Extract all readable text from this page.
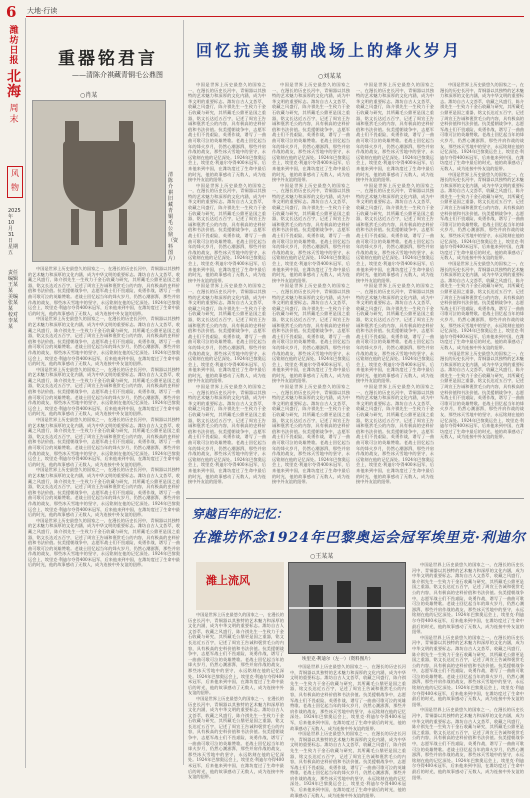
6	大地·行读
潍
坊
日
报
北
海
周
末
风
物
2025年10月31日 星期五
责任编辑 王某某 美编 张某某 校对 李某某
重器铭君言
——清陈介祺藏青铜毛公鼎图
○肖某
清陈介祺旧藏青铜毛公鼎（资料图片）

中国是世界上历史最悠久的国家之一，在漫长的历史长河中，青铜器以其独特的艺术魅力和深厚的文化内涵，成为中华文明的重要标志。潍坊自古人文荟萃，收藏之风盛行，陈介祺先生一生致力于金石收藏与研究，其所藏毛公鼎更是国之重器，铭文长达近五百字，记述了周宣王告诫和褒赏毛公的内容，具有极高的史料价值和书法价值。抗美援朝战争中，志愿军战士们不畏艰险，英勇作战，谱写了一曲曲可歌可泣的英雄赞歌。老战士回忆起当年的烽火岁月，仍然心潮澎湃，那些并肩作战的战友，那些冰天雪地中的坚守，永远铭刻在他的记忆深处。1924年巴黎奥运会上，埃里克·利迪尔夺得400米冠军，后来他来到中国，在潍坊度过了生命中最后的时光，他的故事感动了无数人，成为连接中外友谊的纽带。

中国是世界上历史最悠久的国家之一，在漫长的历史长河中，青铜器以其独特的艺术魅力和深厚的文化内涵，成为中华文明的重要标志。潍坊自古人文荟萃，收藏之风盛行，陈介祺先生一生致力于金石收藏与研究，其所藏毛公鼎更是国之重器，铭文长达近五百字，记述了周宣王告诫和褒赏毛公的内容，具有极高的史料价值和书法价值。抗美援朝战争中，志愿军战士们不畏艰险，英勇作战，谱写了一曲曲可歌可泣的英雄赞歌。老战士回忆起当年的烽火岁月，仍然心潮澎湃，那些并肩作战的战友，那些冰天雪地中的坚守，永远铭刻在他的记忆深处。1924年巴黎奥运会上，埃里克·利迪尔夺得400米冠军，后来他来到中国，在潍坊度过了生命中最后的时光，他的故事感动了无数人，成为连接中外友谊的纽带。

中国是世界上历史最悠久的国家之一，在漫长的历史长河中，青铜器以其独特的艺术魅力和深厚的文化内涵，成为中华文明的重要标志。潍坊自古人文荟萃，收藏之风盛行，陈介祺先生一生致力于金石收藏与研究，其所藏毛公鼎更是国之重器，铭文长达近五百字，记述了周宣王告诫和褒赏毛公的内容，具有极高的史料价值和书法价值。抗美援朝战争中，志愿军战士们不畏艰险，英勇作战，谱写了一曲曲可歌可泣的英雄赞歌。老战士回忆起当年的烽火岁月，仍然心潮澎湃，那些并肩作战的战友，那些冰天雪地中的坚守，永远铭刻在他的记忆深处。1924年巴黎奥运会上，埃里克·利迪尔夺得400米冠军，后来他来到中国，在潍坊度过了生命中最后的时光，他的故事感动了无数人，成为连接中外友谊的纽带。

中国是世界上历史最悠久的国家之一，在漫长的历史长河中，青铜器以其独特的艺术魅力和深厚的文化内涵，成为中华文明的重要标志。潍坊自古人文荟萃，收藏之风盛行，陈介祺先生一生致力于金石收藏与研究，其所藏毛公鼎更是国之重器，铭文长达近五百字，记述了周宣王告诫和褒赏毛公的内容，具有极高的史料价值和书法价值。抗美援朝战争中，志愿军战士们不畏艰险，英勇作战，谱写了一曲曲可歌可泣的英雄赞歌。老战士回忆起当年的烽火岁月，仍然心潮澎湃，那些并肩作战的战友，那些冰天雪地中的坚守，永远铭刻在他的记忆深处。1924年巴黎奥运会上，埃里克·利迪尔夺得400米冠军，后来他来到中国，在潍坊度过了生命中最后的时光，他的故事感动了无数人，成为连接中外友谊的纽带。

中国是世界上历史最悠久的国家之一，在漫长的历史长河中，青铜器以其独特的艺术魅力和深厚的文化内涵，成为中华文明的重要标志。潍坊自古人文荟萃，收藏之风盛行，陈介祺先生一生致力于金石收藏与研究，其所藏毛公鼎更是国之重器，铭文长达近五百字，记述了周宣王告诫和褒赏毛公的内容，具有极高的史料价值和书法价值。抗美援朝战争中，志愿军战士们不畏艰险，英勇作战，谱写了一曲曲可歌可泣的英雄赞歌。老战士回忆起当年的烽火岁月，仍然心潮澎湃，那些并肩作战的战友，那些冰天雪地中的坚守，永远铭刻在他的记忆深处。1924年巴黎奥运会上，埃里克·利迪尔夺得400米冠军，后来他来到中国，在潍坊度过了生命中最后的时光，他的故事感动了无数人，成为连接中外友谊的纽带。

中国是世界上历史最悠久的国家之一，在漫长的历史长河中，青铜器以其独特的艺术魅力和深厚的文化内涵，成为中华文明的重要标志。潍坊自古人文荟萃，收藏之风盛行，陈介祺先生一生致力于金石收藏与研究，其所藏毛公鼎更是国之重器，铭文长达近五百字，记述了周宣王告诫和褒赏毛公的内容，具有极高的史料价值和书法价值。抗美援朝战争中，志愿军战士们不畏艰险，英勇作战，谱写了一曲曲可歌可泣的英雄赞歌。老战士回忆起当年的烽火岁月，仍然心潮澎湃，那些并肩作战的战友，那些冰天雪地中的坚守，永远铭刻在他的记忆深处。1924年巴黎奥运会上，埃里克·利迪尔夺得400米冠军，后来他来到中国，在潍坊度过了生命中最后的时光，他的故事感动了无数人，成为连接中外友谊的纽带。

回忆抗美援朝战场上的烽火岁月
○刘某某

中国是世界上历史最悠久的国家之一，在漫长的历史长河中，青铜器以其独特的艺术魅力和深厚的文化内涵，成为中华文明的重要标志。潍坊自古人文荟萃，收藏之风盛行，陈介祺先生一生致力于金石收藏与研究，其所藏毛公鼎更是国之重器，铭文长达近五百字，记述了周宣王告诫和褒赏毛公的内容，具有极高的史料价值和书法价值。抗美援朝战争中，志愿军战士们不畏艰险，英勇作战，谱写了一曲曲可歌可泣的英雄赞歌。老战士回忆起当年的烽火岁月，仍然心潮澎湃，那些并肩作战的战友，那些冰天雪地中的坚守，永远铭刻在他的记忆深处。1924年巴黎奥运会上，埃里克·利迪尔夺得400米冠军，后来他来到中国，在潍坊度过了生命中最后的时光，他的故事感动了无数人，成为连接中外友谊的纽带。

中国是世界上历史最悠久的国家之一，在漫长的历史长河中，青铜器以其独特的艺术魅力和深厚的文化内涵，成为中华文明的重要标志。潍坊自古人文荟萃，收藏之风盛行，陈介祺先生一生致力于金石收藏与研究，其所藏毛公鼎更是国之重器，铭文长达近五百字，记述了周宣王告诫和褒赏毛公的内容，具有极高的史料价值和书法价值。抗美援朝战争中，志愿军战士们不畏艰险，英勇作战，谱写了一曲曲可歌可泣的英雄赞歌。老战士回忆起当年的烽火岁月，仍然心潮澎湃，那些并肩作战的战友，那些冰天雪地中的坚守，永远铭刻在他的记忆深处。1924年巴黎奥运会上，埃里克·利迪尔夺得400米冠军，后来他来到中国，在潍坊度过了生命中最后的时光，他的故事感动了无数人，成为连接中外友谊的纽带。

中国是世界上历史最悠久的国家之一，在漫长的历史长河中，青铜器以其独特的艺术魅力和深厚的文化内涵，成为中华文明的重要标志。潍坊自古人文荟萃，收藏之风盛行，陈介祺先生一生致力于金石收藏与研究，其所藏毛公鼎更是国之重器，铭文长达近五百字，记述了周宣王告诫和褒赏毛公的内容，具有极高的史料价值和书法价值。抗美援朝战争中，志愿军战士们不畏艰险，英勇作战，谱写了一曲曲可歌可泣的英雄赞歌。老战士回忆起当年的烽火岁月，仍然心潮澎湃，那些并肩作战的战友，那些冰天雪地中的坚守，永远铭刻在他的记忆深处。1924年巴黎奥运会上，埃里克·利迪尔夺得400米冠军，后来他来到中国，在潍坊度过了生命中最后的时光，他的故事感动了无数人，成为连接中外友谊的纽带。

中国是世界上历史最悠久的国家之一，在漫长的历史长河中，青铜器以其独特的艺术魅力和深厚的文化内涵，成为中华文明的重要标志。潍坊自古人文荟萃，收藏之风盛行，陈介祺先生一生致力于金石收藏与研究，其所藏毛公鼎更是国之重器，铭文长达近五百字，记述了周宣王告诫和褒赏毛公的内容，具有极高的史料价值和书法价值。抗美援朝战争中，志愿军战士们不畏艰险，英勇作战，谱写了一曲曲可歌可泣的英雄赞歌。老战士回忆起当年的烽火岁月，仍然心潮澎湃，那些并肩作战的战友，那些冰天雪地中的坚守，永远铭刻在他的记忆深处。1924年巴黎奥运会上，埃里克·利迪尔夺得400米冠军，后来他来到中国，在潍坊度过了生命中最后的时光，他的故事感动了无数人，成为连接中外友谊的纽带。

中国是世界上历史最悠久的国家之一，在漫长的历史长河中，青铜器以其独特的艺术魅力和深厚的文化内涵，成为中华文明的重要标志。潍坊自古人文荟萃，收藏之风盛行，陈介祺先生一生致力于金石收藏与研究，其所藏毛公鼎更是国之重器，铭文长达近五百字，记述了周宣王告诫和褒赏毛公的内容，具有极高的史料价值和书法价值。抗美援朝战争中，志愿军战士们不畏艰险，英勇作战，谱写了一曲曲可歌可泣的英雄赞歌。老战士回忆起当年的烽火岁月，仍然心潮澎湃，那些并肩作战的战友，那些冰天雪地中的坚守，永远铭刻在他的记忆深处。1924年巴黎奥运会上，埃里克·利迪尔夺得400米冠军，后来他来到中国，在潍坊度过了生命中最后的时光，他的故事感动了无数人，成为连接中外友谊的纽带。

中国是世界上历史最悠久的国家之一，在漫长的历史长河中，青铜器以其独特的艺术魅力和深厚的文化内涵，成为中华文明的重要标志。潍坊自古人文荟萃，收藏之风盛行，陈介祺先生一生致力于金石收藏与研究，其所藏毛公鼎更是国之重器，铭文长达近五百字，记述了周宣王告诫和褒赏毛公的内容，具有极高的史料价值和书法价值。抗美援朝战争中，志愿军战士们不畏艰险，英勇作战，谱写了一曲曲可歌可泣的英雄赞歌。老战士回忆起当年的烽火岁月，仍然心潮澎湃，那些并肩作战的战友，那些冰天雪地中的坚守，永远铭刻在他的记忆深处。1924年巴黎奥运会上，埃里克·利迪尔夺得400米冠军，后来他来到中国，在潍坊度过了生命中最后的时光，他的故事感动了无数人，成为连接中外友谊的纽带。

中国是世界上历史最悠久的国家之一，在漫长的历史长河中，青铜器以其独特的艺术魅力和深厚的文化内涵，成为中华文明的重要标志。潍坊自古人文荟萃，收藏之风盛行，陈介祺先生一生致力于金石收藏与研究，其所藏毛公鼎更是国之重器，铭文长达近五百字，记述了周宣王告诫和褒赏毛公的内容，具有极高的史料价值和书法价值。抗美援朝战争中，志愿军战士们不畏艰险，英勇作战，谱写了一曲曲可歌可泣的英雄赞歌。老战士回忆起当年的烽火岁月，仍然心潮澎湃，那些并肩作战的战友，那些冰天雪地中的坚守，永远铭刻在他的记忆深处。1924年巴黎奥运会上，埃里克·利迪尔夺得400米冠军，后来他来到中国，在潍坊度过了生命中最后的时光，他的故事感动了无数人，成为连接中外友谊的纽带。

中国是世界上历史最悠久的国家之一，在漫长的历史长河中，青铜器以其独特的艺术魅力和深厚的文化内涵，成为中华文明的重要标志。潍坊自古人文荟萃，收藏之风盛行，陈介祺先生一生致力于金石收藏与研究，其所藏毛公鼎更是国之重器，铭文长达近五百字，记述了周宣王告诫和褒赏毛公的内容，具有极高的史料价值和书法价值。抗美援朝战争中，志愿军战士们不畏艰险，英勇作战，谱写了一曲曲可歌可泣的英雄赞歌。老战士回忆起当年的烽火岁月，仍然心潮澎湃，那些并肩作战的战友，那些冰天雪地中的坚守，永远铭刻在他的记忆深处。1924年巴黎奥运会上，埃里克·利迪尔夺得400米冠军，后来他来到中国，在潍坊度过了生命中最后的时光，他的故事感动了无数人，成为连接中外友谊的纽带。

中国是世界上历史最悠久的国家之一，在漫长的历史长河中，青铜器以其独特的艺术魅力和深厚的文化内涵，成为中华文明的重要标志。潍坊自古人文荟萃，收藏之风盛行，陈介祺先生一生致力于金石收藏与研究，其所藏毛公鼎更是国之重器，铭文长达近五百字，记述了周宣王告诫和褒赏毛公的内容，具有极高的史料价值和书法价值。抗美援朝战争中，志愿军战士们不畏艰险，英勇作战，谱写了一曲曲可歌可泣的英雄赞歌。老战士回忆起当年的烽火岁月，仍然心潮澎湃，那些并肩作战的战友，那些冰天雪地中的坚守，永远铭刻在他的记忆深处。1924年巴黎奥运会上，埃里克·利迪尔夺得400米冠军，后来他来到中国，在潍坊度过了生命中最后的时光，他的故事感动了无数人，成为连接中外友谊的纽带。

中国是世界上历史最悠久的国家之一，在漫长的历史长河中，青铜器以其独特的艺术魅力和深厚的文化内涵，成为中华文明的重要标志。潍坊自古人文荟萃，收藏之风盛行，陈介祺先生一生致力于金石收藏与研究，其所藏毛公鼎更是国之重器，铭文长达近五百字，记述了周宣王告诫和褒赏毛公的内容，具有极高的史料价值和书法价值。抗美援朝战争中，志愿军战士们不畏艰险，英勇作战，谱写了一曲曲可歌可泣的英雄赞歌。老战士回忆起当年的烽火岁月，仍然心潮澎湃，那些并肩作战的战友，那些冰天雪地中的坚守，永远铭刻在他的记忆深处。1924年巴黎奥运会上，埃里克·利迪尔夺得400米冠军，后来他来到中国，在潍坊度过了生命中最后的时光，他的故事感动了无数人，成为连接中外友谊的纽带。

中国是世界上历史最悠久的国家之一，在漫长的历史长河中，青铜器以其独特的艺术魅力和深厚的文化内涵，成为中华文明的重要标志。潍坊自古人文荟萃，收藏之风盛行，陈介祺先生一生致力于金石收藏与研究，其所藏毛公鼎更是国之重器，铭文长达近五百字，记述了周宣王告诫和褒赏毛公的内容，具有极高的史料价值和书法价值。抗美援朝战争中，志愿军战士们不畏艰险，英勇作战，谱写了一曲曲可歌可泣的英雄赞歌。老战士回忆起当年的烽火岁月，仍然心潮澎湃，那些并肩作战的战友，那些冰天雪地中的坚守，永远铭刻在他的记忆深处。1924年巴黎奥运会上，埃里克·利迪尔夺得400米冠军，后来他来到中国，在潍坊度过了生命中最后的时光，他的故事感动了无数人，成为连接中外友谊的纽带。

中国是世界上历史最悠久的国家之一，在漫长的历史长河中，青铜器以其独特的艺术魅力和深厚的文化内涵，成为中华文明的重要标志。潍坊自古人文荟萃，收藏之风盛行，陈介祺先生一生致力于金石收藏与研究，其所藏毛公鼎更是国之重器，铭文长达近五百字，记述了周宣王告诫和褒赏毛公的内容，具有极高的史料价值和书法价值。抗美援朝战争中，志愿军战士们不畏艰险，英勇作战，谱写了一曲曲可歌可泣的英雄赞歌。老战士回忆起当年的烽火岁月，仍然心潮澎湃，那些并肩作战的战友，那些冰天雪地中的坚守，永远铭刻在他的记忆深处。1924年巴黎奥运会上，埃里克·利迪尔夺得400米冠军，后来他来到中国，在潍坊度过了生命中最后的时光，他的故事感动了无数人，成为连接中外友谊的纽带。

中国是世界上历史最悠久的国家之一，在漫长的历史长河中，青铜器以其独特的艺术魅力和深厚的文化内涵，成为中华文明的重要标志。潍坊自古人文荟萃，收藏之风盛行，陈介祺先生一生致力于金石收藏与研究，其所藏毛公鼎更是国之重器，铭文长达近五百字，记述了周宣王告诫和褒赏毛公的内容，具有极高的史料价值和书法价值。抗美援朝战争中，志愿军战士们不畏艰险，英勇作战，谱写了一曲曲可歌可泣的英雄赞歌。老战士回忆起当年的烽火岁月，仍然心潮澎湃，那些并肩作战的战友，那些冰天雪地中的坚守，永远铭刻在他的记忆深处。1924年巴黎奥运会上，埃里克·利迪尔夺得400米冠军，后来他来到中国，在潍坊度过了生命中最后的时光，他的故事感动了无数人，成为连接中外友谊的纽带。

中国是世界上历史最悠久的国家之一，在漫长的历史长河中，青铜器以其独特的艺术魅力和深厚的文化内涵，成为中华文明的重要标志。潍坊自古人文荟萃，收藏之风盛行，陈介祺先生一生致力于金石收藏与研究，其所藏毛公鼎更是国之重器，铭文长达近五百字，记述了周宣王告诫和褒赏毛公的内容，具有极高的史料价值和书法价值。抗美援朝战争中，志愿军战士们不畏艰险，英勇作战，谱写了一曲曲可歌可泣的英雄赞歌。老战士回忆起当年的烽火岁月，仍然心潮澎湃，那些并肩作战的战友，那些冰天雪地中的坚守，永远铭刻在他的记忆深处。1924年巴黎奥运会上，埃里克·利迪尔夺得400米冠军，后来他来到中国，在潍坊度过了生命中最后的时光，他的故事感动了无数人，成为连接中外友谊的纽带。

中国是世界上历史最悠久的国家之一，在漫长的历史长河中，青铜器以其独特的艺术魅力和深厚的文化内涵，成为中华文明的重要标志。潍坊自古人文荟萃，收藏之风盛行，陈介祺先生一生致力于金石收藏与研究，其所藏毛公鼎更是国之重器，铭文长达近五百字，记述了周宣王告诫和褒赏毛公的内容，具有极高的史料价值和书法价值。抗美援朝战争中，志愿军战士们不畏艰险，英勇作战，谱写了一曲曲可歌可泣的英雄赞歌。老战士回忆起当年的烽火岁月，仍然心潮澎湃，那些并肩作战的战友，那些冰天雪地中的坚守，永远铭刻在他的记忆深处。1924年巴黎奥运会上，埃里克·利迪尔夺得400米冠军，后来他来到中国，在潍坊度过了生命中最后的时光，他的故事感动了无数人，成为连接中外友谊的纽带。

中国是世界上历史最悠久的国家之一，在漫长的历史长河中，青铜器以其独特的艺术魅力和深厚的文化内涵，成为中华文明的重要标志。潍坊自古人文荟萃，收藏之风盛行，陈介祺先生一生致力于金石收藏与研究，其所藏毛公鼎更是国之重器，铭文长达近五百字，记述了周宣王告诫和褒赏毛公的内容，具有极高的史料价值和书法价值。抗美援朝战争中，志愿军战士们不畏艰险，英勇作战，谱写了一曲曲可歌可泣的英雄赞歌。老战士回忆起当年的烽火岁月，仍然心潮澎湃，那些并肩作战的战友，那些冰天雪地中的坚守，永远铭刻在他的记忆深处。1924年巴黎奥运会上，埃里克·利迪尔夺得400米冠军，后来他来到中国，在潍坊度过了生命中最后的时光，他的故事感动了无数人，成为连接中外友谊的纽带。

穿越百年的记忆：
在潍坊怀念1924年巴黎奥运会冠军埃里克·利迪尔
○王某某
潍上流风
埃里克·利迪尔（左一）（资料图片）

中国是世界上历史最悠久的国家之一，在漫长的历史长河中，青铜器以其独特的艺术魅力和深厚的文化内涵，成为中华文明的重要标志。潍坊自古人文荟萃，收藏之风盛行，陈介祺先生一生致力于金石收藏与研究，其所藏毛公鼎更是国之重器，铭文长达近五百字，记述了周宣王告诫和褒赏毛公的内容，具有极高的史料价值和书法价值。抗美援朝战争中，志愿军战士们不畏艰险，英勇作战，谱写了一曲曲可歌可泣的英雄赞歌。老战士回忆起当年的烽火岁月，仍然心潮澎湃，那些并肩作战的战友，那些冰天雪地中的坚守，永远铭刻在他的记忆深处。1924年巴黎奥运会上，埃里克·利迪尔夺得400米冠军，后来他来到中国，在潍坊度过了生命中最后的时光，他的故事感动了无数人，成为连接中外友谊的纽带。

中国是世界上历史最悠久的国家之一，在漫长的历史长河中，青铜器以其独特的艺术魅力和深厚的文化内涵，成为中华文明的重要标志。潍坊自古人文荟萃，收藏之风盛行，陈介祺先生一生致力于金石收藏与研究，其所藏毛公鼎更是国之重器，铭文长达近五百字，记述了周宣王告诫和褒赏毛公的内容，具有极高的史料价值和书法价值。抗美援朝战争中，志愿军战士们不畏艰险，英勇作战，谱写了一曲曲可歌可泣的英雄赞歌。老战士回忆起当年的烽火岁月，仍然心潮澎湃，那些并肩作战的战友，那些冰天雪地中的坚守，永远铭刻在他的记忆深处。1924年巴黎奥运会上，埃里克·利迪尔夺得400米冠军，后来他来到中国，在潍坊度过了生命中最后的时光，他的故事感动了无数人，成为连接中外友谊的纽带。

中国是世界上历史最悠久的国家之一，在漫长的历史长河中，青铜器以其独特的艺术魅力和深厚的文化内涵，成为中华文明的重要标志。潍坊自古人文荟萃，收藏之风盛行，陈介祺先生一生致力于金石收藏与研究，其所藏毛公鼎更是国之重器，铭文长达近五百字，记述了周宣王告诫和褒赏毛公的内容，具有极高的史料价值和书法价值。抗美援朝战争中，志愿军战士们不畏艰险，英勇作战，谱写了一曲曲可歌可泣的英雄赞歌。老战士回忆起当年的烽火岁月，仍然心潮澎湃，那些并肩作战的战友，那些冰天雪地中的坚守，永远铭刻在他的记忆深处。1924年巴黎奥运会上，埃里克·利迪尔夺得400米冠军，后来他来到中国，在潍坊度过了生命中最后的时光，他的故事感动了无数人，成为连接中外友谊的纽带。

中国是世界上历史最悠久的国家之一，在漫长的历史长河中，青铜器以其独特的艺术魅力和深厚的文化内涵，成为中华文明的重要标志。潍坊自古人文荟萃，收藏之风盛行，陈介祺先生一生致力于金石收藏与研究，其所藏毛公鼎更是国之重器，铭文长达近五百字，记述了周宣王告诫和褒赏毛公的内容，具有极高的史料价值和书法价值。抗美援朝战争中，志愿军战士们不畏艰险，英勇作战，谱写了一曲曲可歌可泣的英雄赞歌。老战士回忆起当年的烽火岁月，仍然心潮澎湃，那些并肩作战的战友，那些冰天雪地中的坚守，永远铭刻在他的记忆深处。1924年巴黎奥运会上，埃里克·利迪尔夺得400米冠军，后来他来到中国，在潍坊度过了生命中最后的时光，他的故事感动了无数人，成为连接中外友谊的纽带。

中国是世界上历史最悠久的国家之一，在漫长的历史长河中，青铜器以其独特的艺术魅力和深厚的文化内涵，成为中华文明的重要标志。潍坊自古人文荟萃，收藏之风盛行，陈介祺先生一生致力于金石收藏与研究，其所藏毛公鼎更是国之重器，铭文长达近五百字，记述了周宣王告诫和褒赏毛公的内容，具有极高的史料价值和书法价值。抗美援朝战争中，志愿军战士们不畏艰险，英勇作战，谱写了一曲曲可歌可泣的英雄赞歌。老战士回忆起当年的烽火岁月，仍然心潮澎湃，那些并肩作战的战友，那些冰天雪地中的坚守，永远铭刻在他的记忆深处。1924年巴黎奥运会上，埃里克·利迪尔夺得400米冠军，后来他来到中国，在潍坊度过了生命中最后的时光，他的故事感动了无数人，成为连接中外友谊的纽带。

中国是世界上历史最悠久的国家之一，在漫长的历史长河中，青铜器以其独特的艺术魅力和深厚的文化内涵，成为中华文明的重要标志。潍坊自古人文荟萃，收藏之风盛行，陈介祺先生一生致力于金石收藏与研究，其所藏毛公鼎更是国之重器，铭文长达近五百字，记述了周宣王告诫和褒赏毛公的内容，具有极高的史料价值和书法价值。抗美援朝战争中，志愿军战士们不畏艰险，英勇作战，谱写了一曲曲可歌可泣的英雄赞歌。老战士回忆起当年的烽火岁月，仍然心潮澎湃，那些并肩作战的战友，那些冰天雪地中的坚守，永远铭刻在他的记忆深处。1924年巴黎奥运会上，埃里克·利迪尔夺得400米冠军，后来他来到中国，在潍坊度过了生命中最后的时光，他的故事感动了无数人，成为连接中外友谊的纽带。

中国是世界上历史最悠久的国家之一，在漫长的历史长河中，青铜器以其独特的艺术魅力和深厚的文化内涵，成为中华文明的重要标志。潍坊自古人文荟萃，收藏之风盛行，陈介祺先生一生致力于金石收藏与研究，其所藏毛公鼎更是国之重器，铭文长达近五百字，记述了周宣王告诫和褒赏毛公的内容，具有极高的史料价值和书法价值。抗美援朝战争中，志愿军战士们不畏艰险，英勇作战，谱写了一曲曲可歌可泣的英雄赞歌。老战士回忆起当年的烽火岁月，仍然心潮澎湃，那些并肩作战的战友，那些冰天雪地中的坚守，永远铭刻在他的记忆深处。1924年巴黎奥运会上，埃里克·利迪尔夺得400米冠军，后来他来到中国，在潍坊度过了生命中最后的时光，他的故事感动了无数人，成为连接中外友谊的纽带。
